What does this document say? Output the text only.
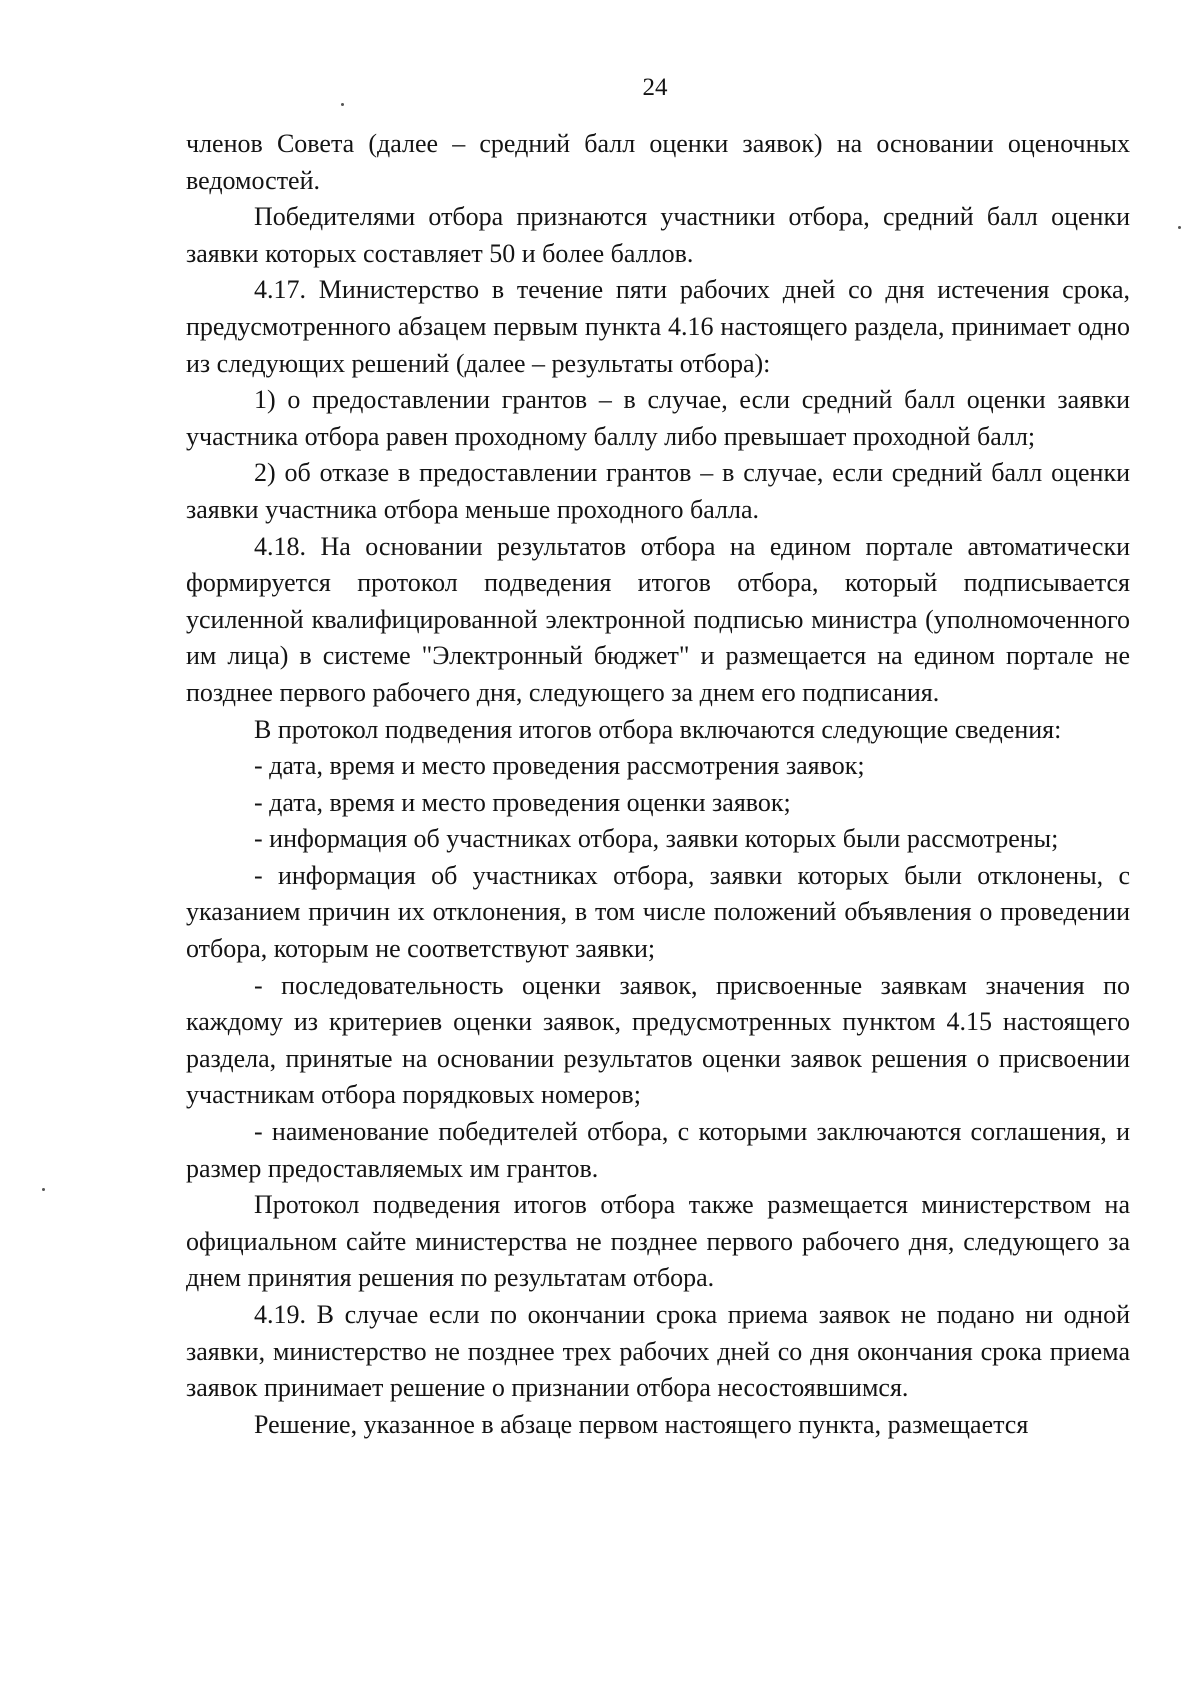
24

членов Совета (далее – средний балл оценки заявок) на основании оценочных ведомостей.

Победителями отбора признаются участники отбора, средний балл оценки заявки которых составляет 50 и более баллов.

4.17. Министерство в течение пяти рабочих дней со дня истечения срока, предусмотренного абзацем первым пункта 4.16 настоящего раздела, принимает одно из следующих решений (далее – результаты отбора):

1) о предоставлении грантов – в случае, если средний балл оценки заявки участника отбора равен проходному баллу либо превышает проходной балл;

2) об отказе в предоставлении грантов – в случае, если средний балл оценки заявки участника отбора меньше проходного балла.

4.18. На основании результатов отбора на едином портале автоматически формируется протокол подведения итогов отбора, который подписывается усиленной квалифицированной электронной подписью министра (уполномоченного им лица) в системе "Электронный бюджет" и размещается на едином портале не позднее первого рабочего дня, следующего за днем его подписания.

В протокол подведения итогов отбора включаются следующие сведения:

- дата, время и место проведения рассмотрения заявок;

- дата, время и место проведения оценки заявок;

- информация об участниках отбора, заявки которых были рассмотрены;

- информация об участниках отбора, заявки которых были отклонены, с указанием причин их отклонения, в том числе положений объявления о проведении отбора, которым не соответствуют заявки;

- последовательность оценки заявок, присвоенные заявкам значения по каждому из критериев оценки заявок, предусмотренных пунктом 4.15 настоящего раздела, принятые на основании результатов оценки заявок решения о присвоении участникам отбора порядковых номеров;

- наименование победителей отбора, с которыми заключаются соглашения, и размер предоставляемых им грантов.

Протокол подведения итогов отбора также размещается министерством на официальном сайте министерства не позднее первого рабочего дня, следующего за днем принятия решения по результатам отбора.

4.19. В случае если по окончании срока приема заявок не подано ни одной заявки, министерство не позднее трех рабочих дней со дня окончания срока приема заявок принимает решение о признании отбора несостоявшимся.

Решение, указанное в абзаце первом настоящего пункта, размещается
